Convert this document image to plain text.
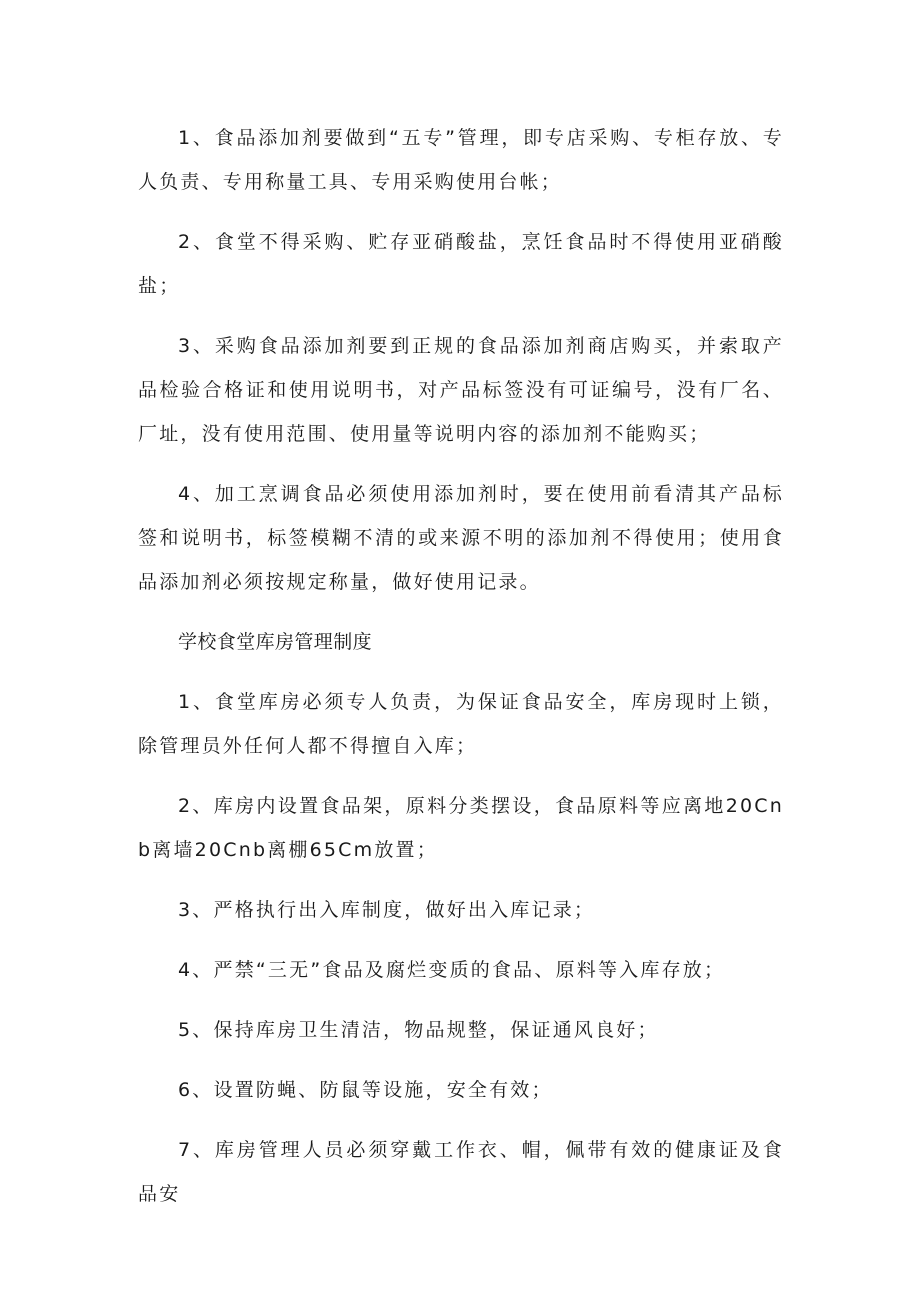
1、食品添加剂要做到“五专”管理，即专店采购、专柜存放、专人负责、专用称量工具、专用采购使用台帐；

2、食堂不得采购、贮存亚硝酸盐，烹饪食品时不得使用亚硝酸盐；

3、采购食品添加剂要到正规的食品添加剂商店购买，并索取产品检验合格证和使用说明书，对产品标签没有可证编号，没有厂名、厂址，没有使用范围、使用量等说明内容的添加剂不能购买；

4、加工烹调食品必须使用添加剂时，要在使用前看清其产品标签和说明书，标签模糊不清的或来源不明的添加剂不得使用；使用食品添加剂必须按规定称量，做好使用记录。

学校食堂库房管理制度

1、食堂库房必须专人负责，为保证食品安全，库房现时上锁，除管理员外任何人都不得擅自入库；

2、库房内设置食品架，原料分类摆设，食品原料等应离地20Cnb离墙20Cnb离棚65Cm放置；

3、严格执行出入库制度，做好出入库记录；

4、严禁“三无”食品及腐烂变质的食品、原料等入库存放；

5、保持库房卫生清洁，物品规整，保证通风良好；

6、设置防蝇、防鼠等设施，安全有效；

7、库房管理人员必须穿戴工作衣、帽，佩带有效的健康证及食品安
